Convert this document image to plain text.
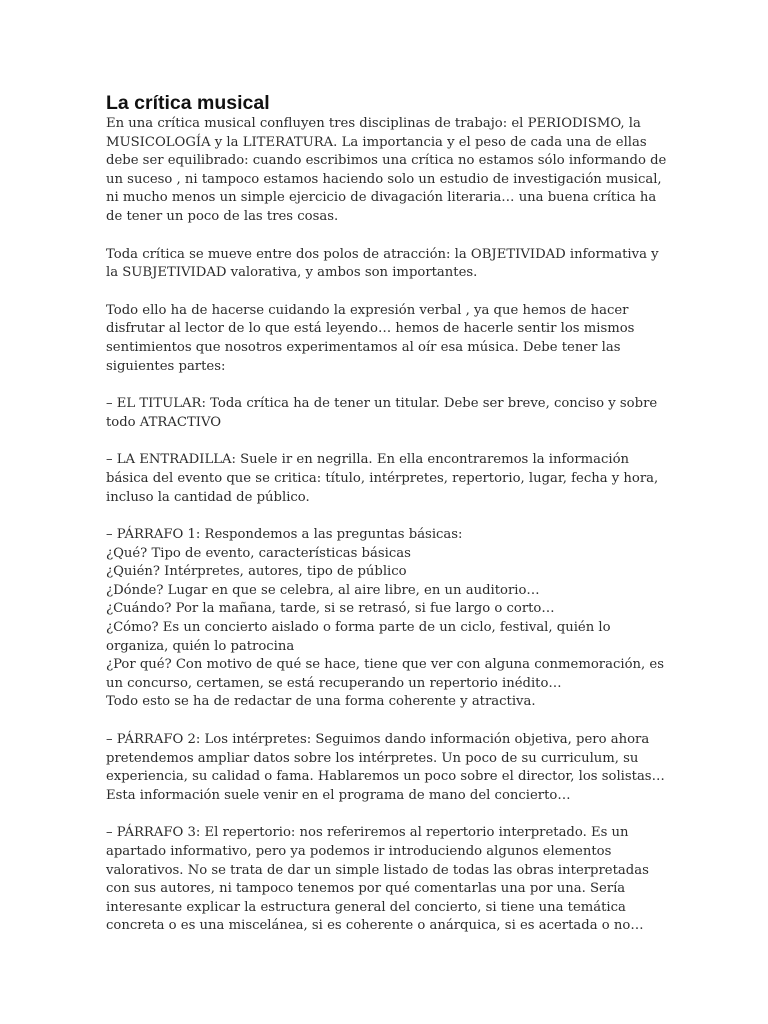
La crítica musical

En una crítica musical confluyen tres disciplinas de trabajo: el PERIODISMO, la
MUSICOLOGÍA y la LITERATURA. La importancia y el peso de cada una de ellas
debe ser equilibrado: cuando escribimos una crítica no estamos sólo informando de
un suceso , ni tampoco estamos haciendo solo un estudio de investigación musical,
ni mucho menos un simple ejercicio de divagación literaria… una buena crítica ha
de tener un poco de las tres cosas.

Toda crítica se mueve entre dos polos de atracción: la OBJETIVIDAD informativa y
la SUBJETIVIDAD valorativa, y ambos son importantes.

Todo ello ha de hacerse cuidando la expresión verbal , ya que hemos de hacer
disfrutar al lector de lo que está leyendo… hemos de hacerle sentir los mismos
sentimientos que nosotros experimentamos al oír esa música. Debe tener las
siguientes partes:

– EL TITULAR: Toda crítica ha de tener un titular. Debe ser breve, conciso y sobre
todo ATRACTIVO

– LA ENTRADILLA: Suele ir en negrilla. En ella encontraremos la información
básica del evento que se critica: título, intérpretes, repertorio, lugar, fecha y hora,
incluso la cantidad de público.

– PÁRRAFO 1: Respondemos a las preguntas básicas:
¿Qué? Tipo de evento, características básicas
¿Quién? Intérpretes, autores, tipo de público
¿Dónde? Lugar en que se celebra, al aire libre, en un auditorio…
¿Cuándo? Por la mañana, tarde, si se retrasó, si fue largo o corto…
¿Cómo? Es un concierto aislado o forma parte de un ciclo, festival, quién lo
organiza, quién lo patrocina
¿Por qué? Con motivo de qué se hace, tiene que ver con alguna conmemoración, es
un concurso, certamen, se está recuperando un repertorio inédito…
Todo esto se ha de redactar de una forma coherente y atractiva.

– PÁRRAFO 2: Los intérpretes: Seguimos dando información objetiva, pero ahora
pretendemos ampliar datos sobre los intérpretes. Un poco de su curriculum, su
experiencia, su calidad o fama. Hablaremos un poco sobre el director, los solistas…
Esta información suele venir en el programa de mano del concierto…

– PÁRRAFO 3: El repertorio: nos referiremos al repertorio interpretado. Es un
apartado informativo, pero ya podemos ir introduciendo algunos elementos
valorativos. No se trata de dar un simple listado de todas las obras interpretadas
con sus autores, ni tampoco tenemos por qué comentarlas una por una. Sería
interesante explicar la estructura general del concierto, si tiene una temática
concreta o es una miscelánea, si es coherente o anárquica, si es acertada o no…
